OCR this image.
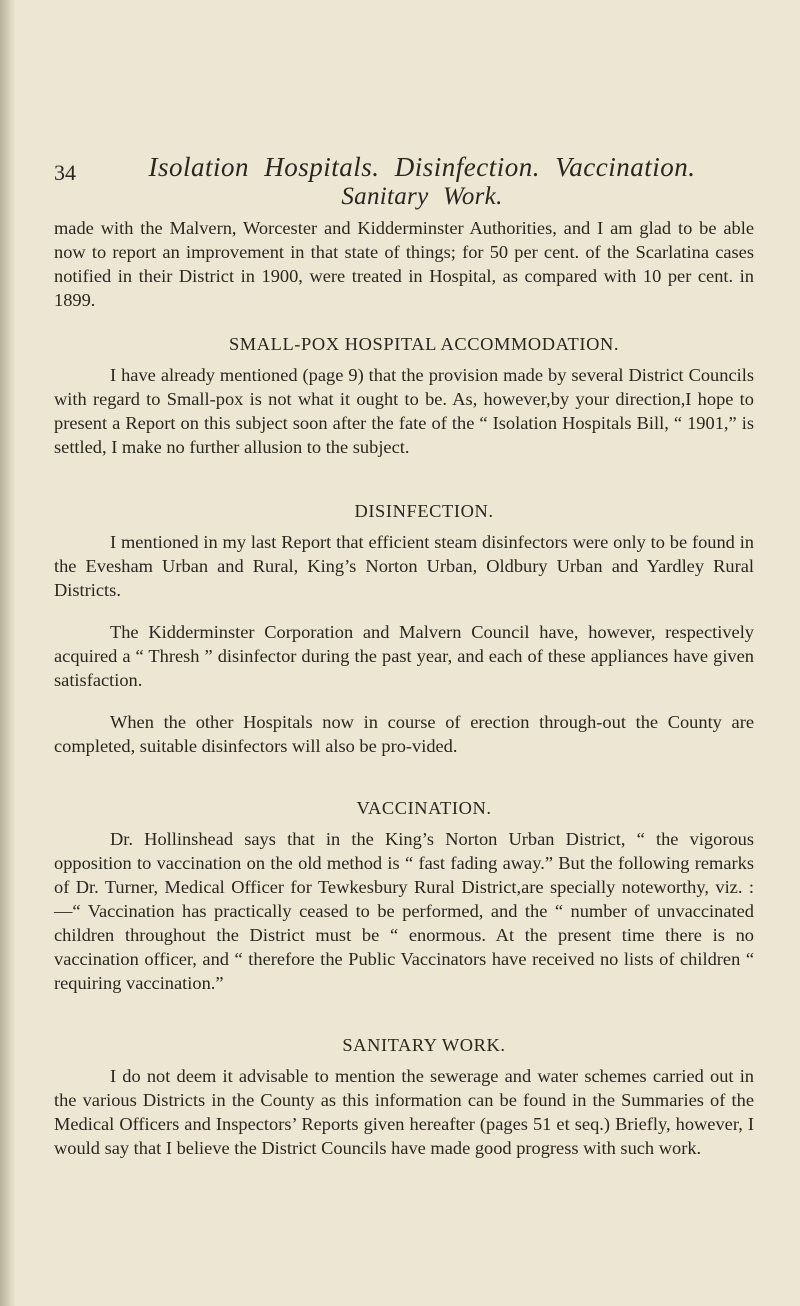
34	Isolation Hospitals. Disinfection. Vaccination.
Sanitary Work.

made with the Malvern, Worcester and Kidderminster Authorities, and I am glad to be able now to report an improvement in that state of things; for 50 per cent. of the Scarlatina cases notified in their District in 1900, were treated in Hospital, as compared with 10 per cent. in 1899.

SMALL-POX HOSPITAL ACCOMMODATION.

I have already mentioned (page 9) that the provision made by several District Councils with regard to Small-pox is not what it ought to be. As, however,by your direction,I hope to present a Report on this subject soon after the fate of the “ Isolation Hospitals Bill, “ 1901,” is settled, I make no further allusion to the subject.

DISINFECTION.

I mentioned in my last Report that efficient steam disinfectors were only to be found in the Evesham Urban and Rural, King’s Norton Urban, Oldbury Urban and Yardley Rural Districts.

The Kidderminster Corporation and Malvern Council have, however, respectively acquired a “ Thresh ” disinfector during the past year, and each of these appliances have given satisfaction.

When the other Hospitals now in course of erection through-out the County are completed, suitable disinfectors will also be pro-vided.

VACCINATION.

Dr. Hollinshead says that in the King’s Norton Urban District, “ the vigorous opposition to vaccination on the old method is “ fast fading away.” But the following remarks of Dr. Turner, Medical Officer for Tewkesbury Rural District,are specially noteworthy, viz. :—“ Vaccination has practically ceased to be performed, and the “ number of unvaccinated children throughout the District must be “ enormous. At the present time there is no vaccination officer, and “ therefore the Public Vaccinators have received no lists of children “ requiring vaccination.”

SANITARY WORK.

I do not deem it advisable to mention the sewerage and water schemes carried out in the various Districts in the County as this information can be found in the Summaries of the Medical Officers and Inspectors’ Reports given hereafter (pages 51 et seq.) Briefly, however, I would say that I believe the District Councils have made good progress with such work.
